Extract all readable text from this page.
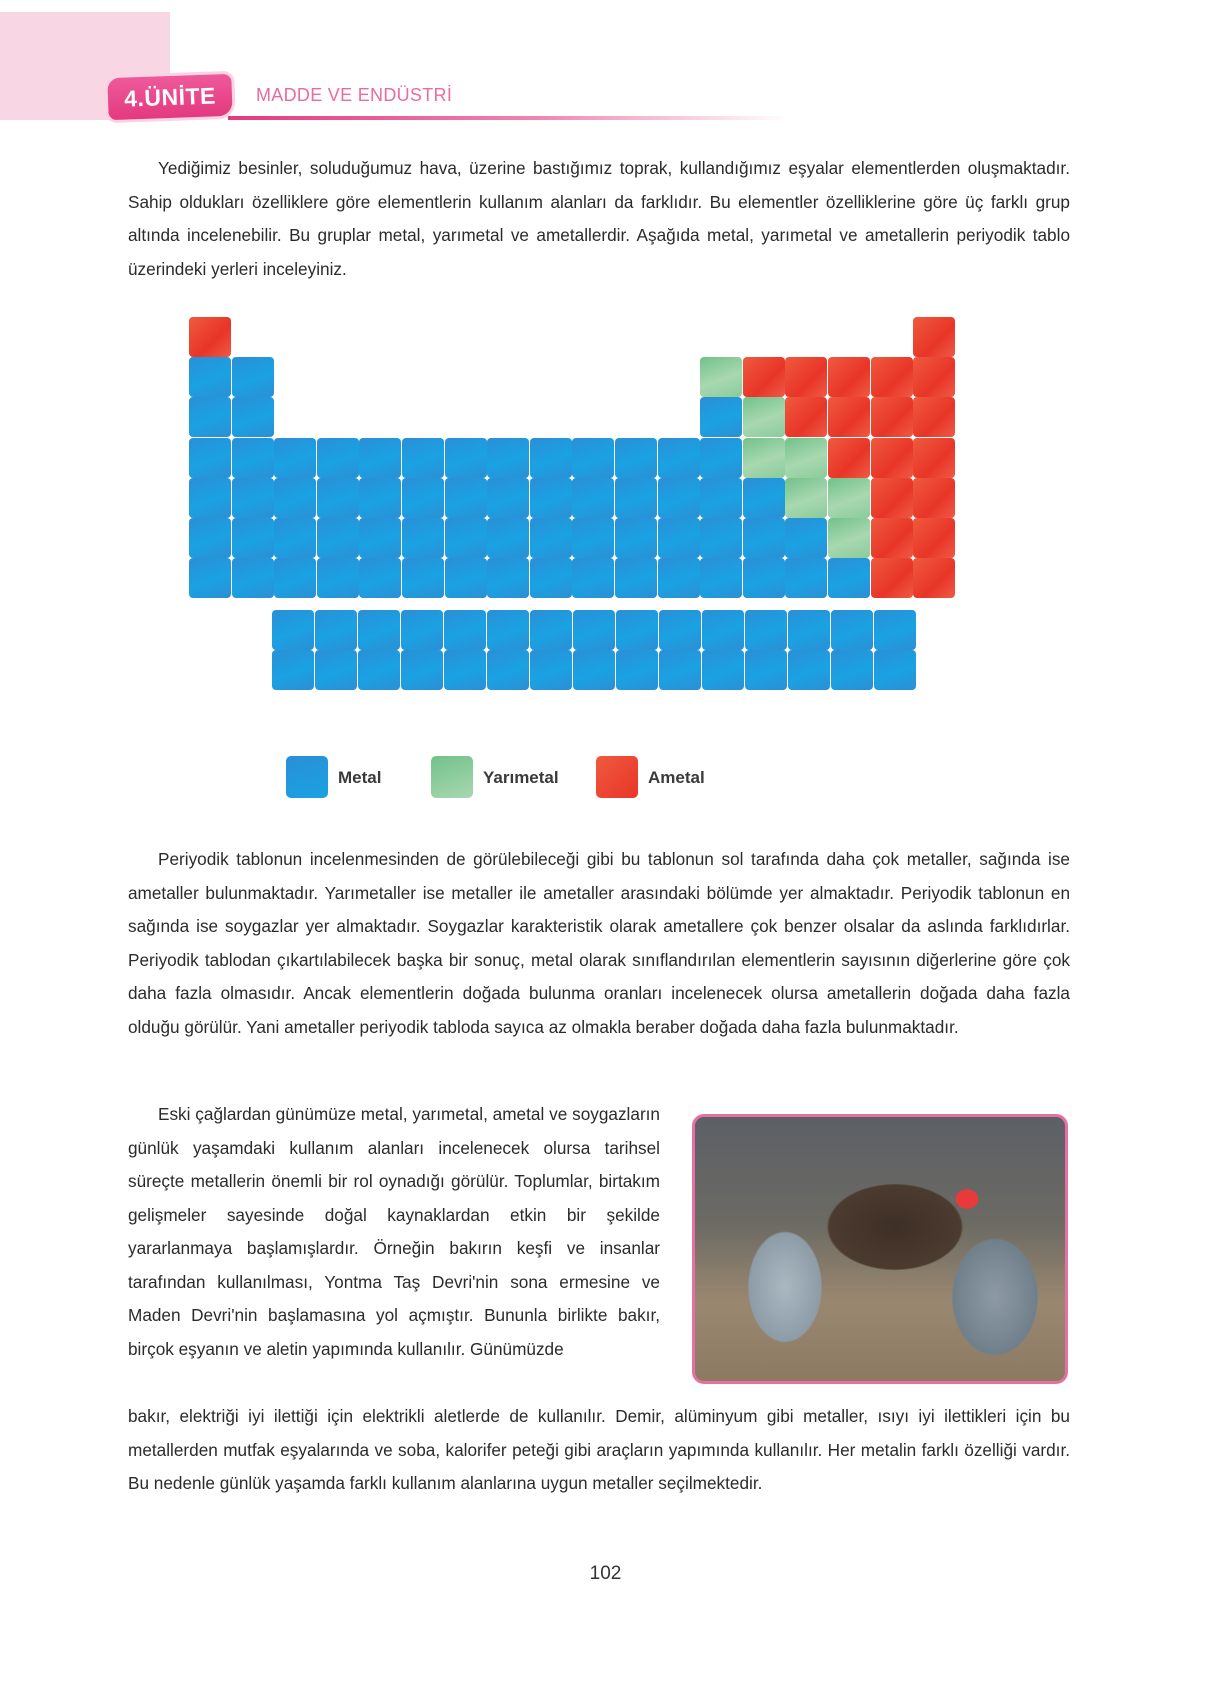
4.ÜNİTE	MADDE VE ENDÜSTRİ

Yediğimiz besinler, soluduğumuz hava, üzerine bastığımız toprak, kullandığımız eşyalar elementlerden oluşmaktadır. Sahip oldukları özelliklere göre elementlerin kullanım alanları da farklıdır. Bu elementler özelliklerine göre üç farklı grup altında incelenebilir. Bu gruplar metal, yarımetal ve ametallerdir. Aşağıda metal, yarımetal ve ametallerin periyodik tablo üzerindeki yerleri inceleyiniz.

Metal	Yarımetal	Ametal

Periyodik tablonun incelenmesinden de görülebileceği gibi bu tablonun sol tarafında daha çok metaller, sağında ise ametaller bulunmaktadır. Yarımetaller ise metaller ile ametaller arasındaki bölümde yer almaktadır. Periyodik tablonun en sağında ise soygazlar yer almaktadır. Soygazlar karakteristik olarak ametallere çok benzer olsalar da aslında farklıdırlar. Periyodik tablodan çıkartılabilecek başka bir sonuç, metal olarak sınıflandırılan elementlerin sayısının diğerlerine göre çok daha fazla olmasıdır. Ancak elementlerin doğada bulunma oranları incelenecek olursa ametallerin doğada daha fazla olduğu görülür. Yani ametaller periyodik tabloda sayıca az olmakla beraber doğada daha fazla bulunmaktadır.

Eski çağlardan günümüze metal, yarımetal, ametal ve soygazların günlük yaşamdaki kullanım alanları incelenecek olursa tarihsel süreçte metallerin önemli bir rol oynadığı görülür. Toplumlar, birtakım gelişmeler sayesinde doğal kaynaklardan etkin bir şekilde yararlanmaya başlamışlardır. Örneğin bakırın keşfi ve insanlar tarafından kullanılması, Yontma Taş Devri'nin sona ermesine ve Maden Devri'nin başlamasına yol açmıştır. Bununla birlikte bakır, birçok eşyanın ve aletin yapımında kullanılır. Günümüzde

bakır, elektriği iyi ilettiği için elektrikli aletlerde de kullanılır. Demir, alüminyum gibi metaller, ısıyı iyi ilettikleri için bu metallerden mutfak eşyalarında ve soba, kalorifer peteği gibi araçların yapımında kullanılır. Her metalin farklı özelliği vardır. Bu nedenle günlük yaşamda farklı kullanım alanlarına uygun metaller seçilmektedir.

102
